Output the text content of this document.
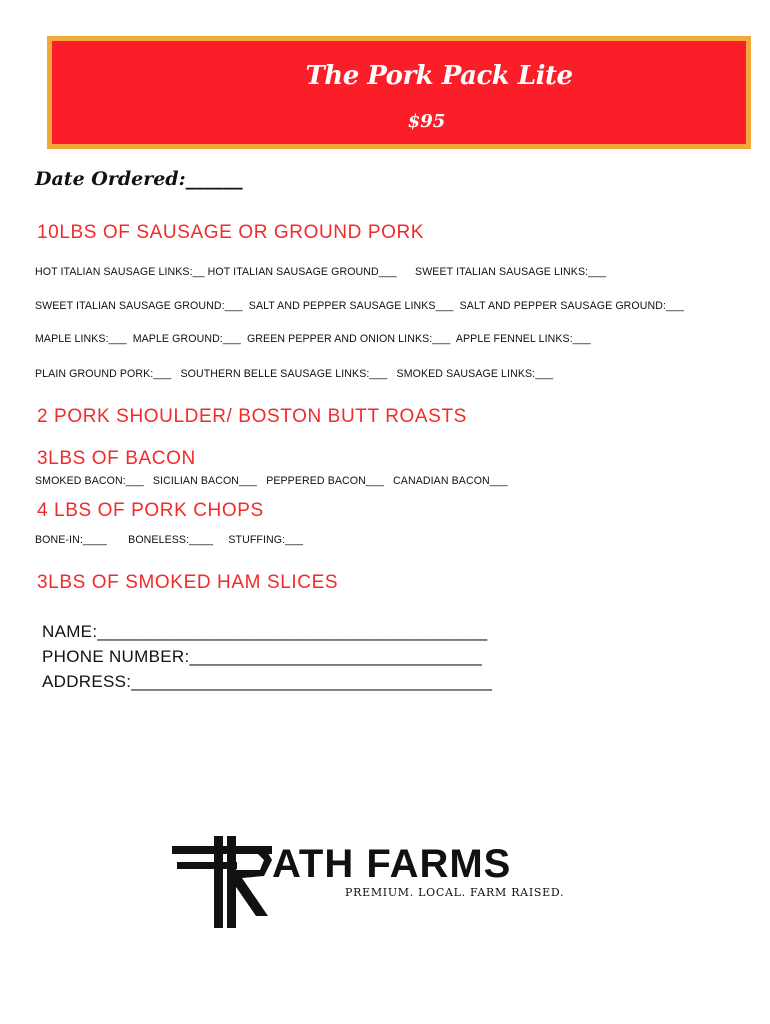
The Pork Pack Lite
$95
Date Ordered:______
10LBS OF SAUSAGE OR GROUND PORK
HOT ITALIAN SAUSAGE LINKS:__ HOT ITALIAN SAUSAGE GROUND___ SWEET ITALIAN SAUSAGE LINKS:___
SWEET ITALIAN SAUSAGE GROUND:___ SALT AND PEPPER SAUSAGE LINKS___ SALT AND PEPPER SAUSAGE GROUND:___
MAPLE LINKS:___ MAPLE GROUND:___ GREEN PEPPER AND ONION LINKS:___ APPLE FENNEL LINKS:___
PLAIN GROUND PORK:___ SOUTHERN BELLE SAUSAGE LINKS:___ SMOKED SAUSAGE LINKS:___
2 PORK SHOULDER/ BOSTON BUTT ROASTS
3LBS OF BACON
SMOKED BACON:___ SICILIAN BACON___ PEPPERED BACON___ CANADIAN BACON___
4 LBS OF PORK CHOPS
BONE-IN:____ BONELESS:____ STUFFING:___
3LBS OF SMOKED HAM SLICES
NAME:________________________________________
PHONE NUMBER:______________________________
ADDRESS:_____________________________________
ATH FARMS
PREMIUM. LOCAL. FARM RAISED.
